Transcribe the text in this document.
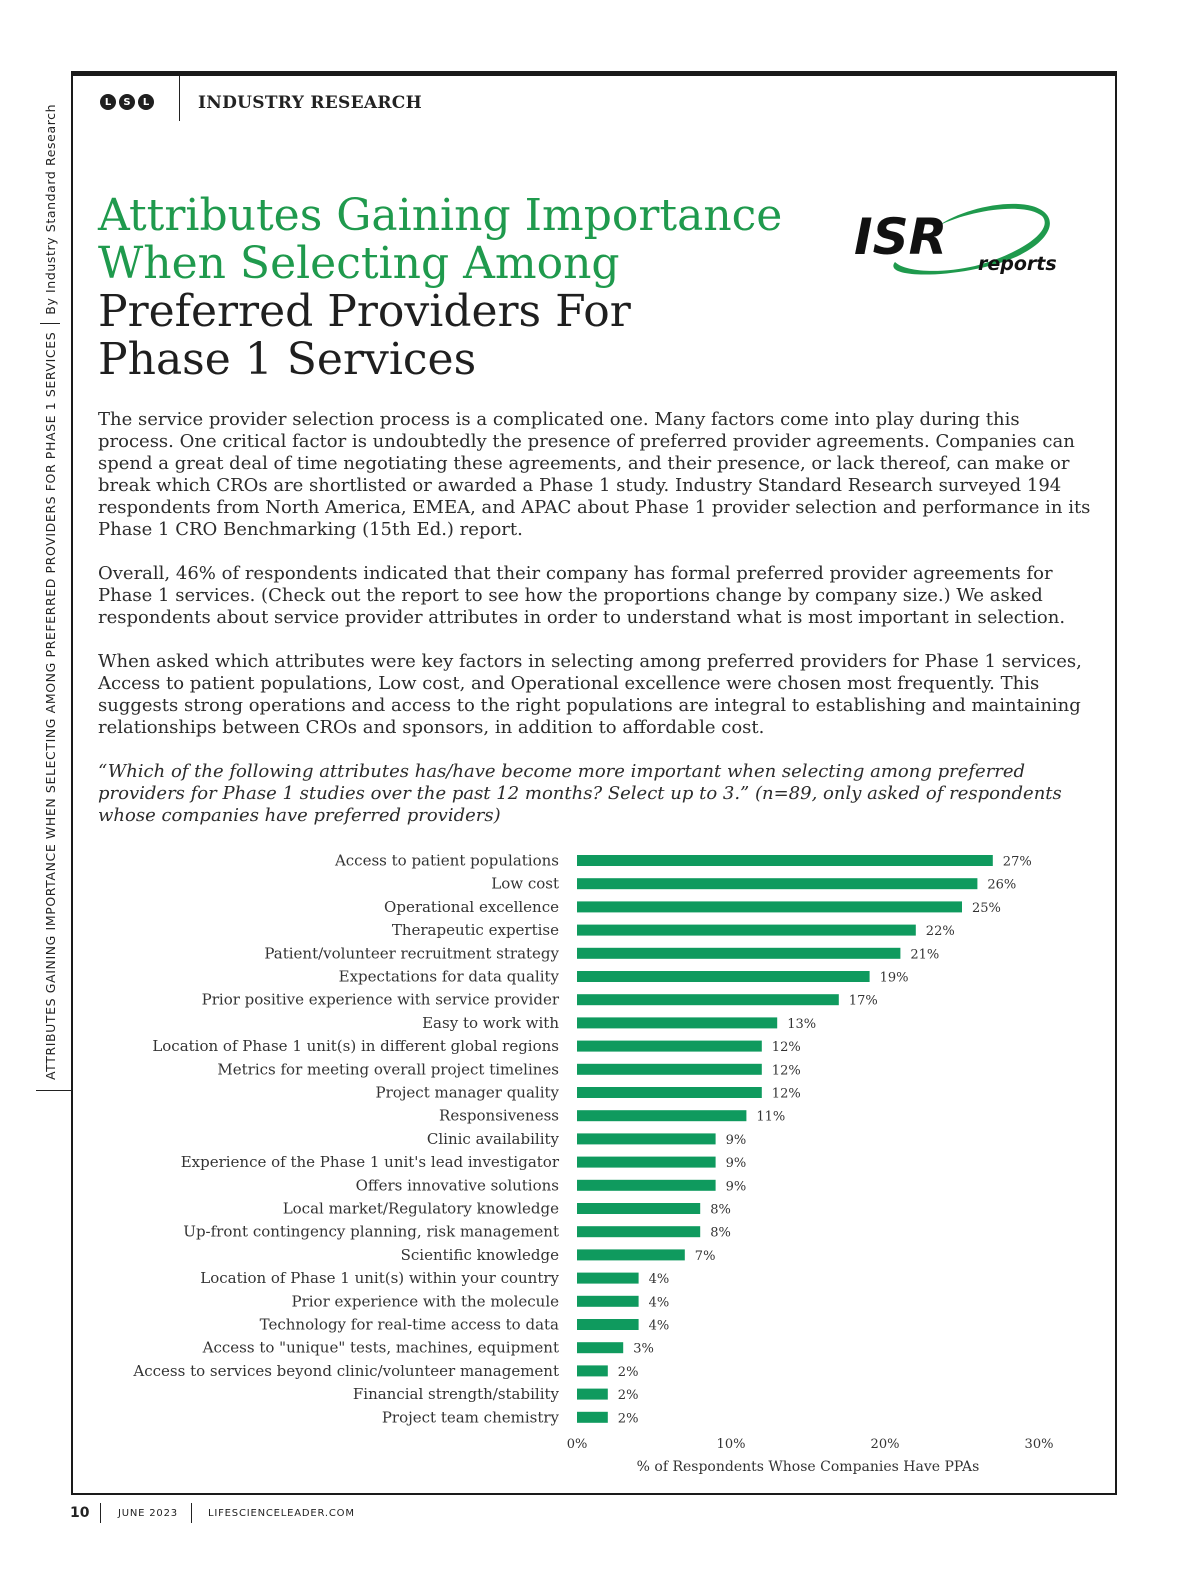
ATTRIBUTES GAINING IMPORTANCE WHEN SELECTING AMONG PREFERRED PROVIDERS FOR PHASE 1 SERVICES
By Industry Standard Research
L	S	L	INDUSTRY RESEARCH
Attributes Gaining Importance
When Selecting Among
Preferred Providers For
Phase 1 Services
ISR reports

The service provider selection process is a complicated one. Many factors come into play during this process. One critical factor is undoubtedly the presence of preferred provider agreements. Companies can spend a great deal of time negotiating these agreements, and their presence, or lack thereof, can make or break which CROs are shortlisted or awarded a Phase 1 study. Industry Standard Research surveyed 194 respondents from North America, EMEA, and APAC about Phase 1 provider selection and performance in its Phase 1 CRO Benchmarking (15th Ed.) report.

Overall, 46% of respondents indicated that their company has formal preferred provider agreements for Phase 1 services. (Check out the report to see how the proportions change by company size.) We asked respondents about service provider attributes in order to understand what is most important in selection.

When asked which attributes were key factors in selecting among preferred providers for Phase 1 services, Access to patient populations, Low cost, and Operational excellence were chosen most frequently. This suggests strong operations and access to the right populations are integral to establishing and maintaining relationships between CROs and sponsors, in addition to affordable cost.

“Which of the following attributes has/have become more important when selecting among preferred providers for Phase 1 studies over the past 12 months? Select up to 3.” (n=89, only asked of respondents whose companies have preferred providers)

Access to patient populations	27%
Low cost	26%
Operational excellence	25%
Therapeutic expertise	22%
Patient/volunteer recruitment strategy	21%
Expectations for data quality	19%
Prior positive experience with service provider	17%
Easy to work with	13%
Location of Phase 1 unit(s) in different global regions	12%
Metrics for meeting overall project timelines	12%
Project manager quality	12%
Responsiveness	11%
Clinic availability	9%
Experience of the Phase 1 unit's lead investigator	9%
Offers innovative solutions	9%
Local market/Regulatory knowledge	8%
Up-front contingency planning, risk management	8%
Scientific knowledge	7%
Location of Phase 1 unit(s) within your country	4%
Prior experience with the molecule	4%
Technology for real-time access to data	4%
Access to "unique" tests, machines, equipment	3%
Access to services beyond clinic/volunteer management	2%
Financial strength/stability	2%
Project team chemistry	2%
0%	10%	20%	30%
% of Respondents Whose Companies Have PPAs
10	JUNE 2023	LIFESCIENCELEADER.COM
